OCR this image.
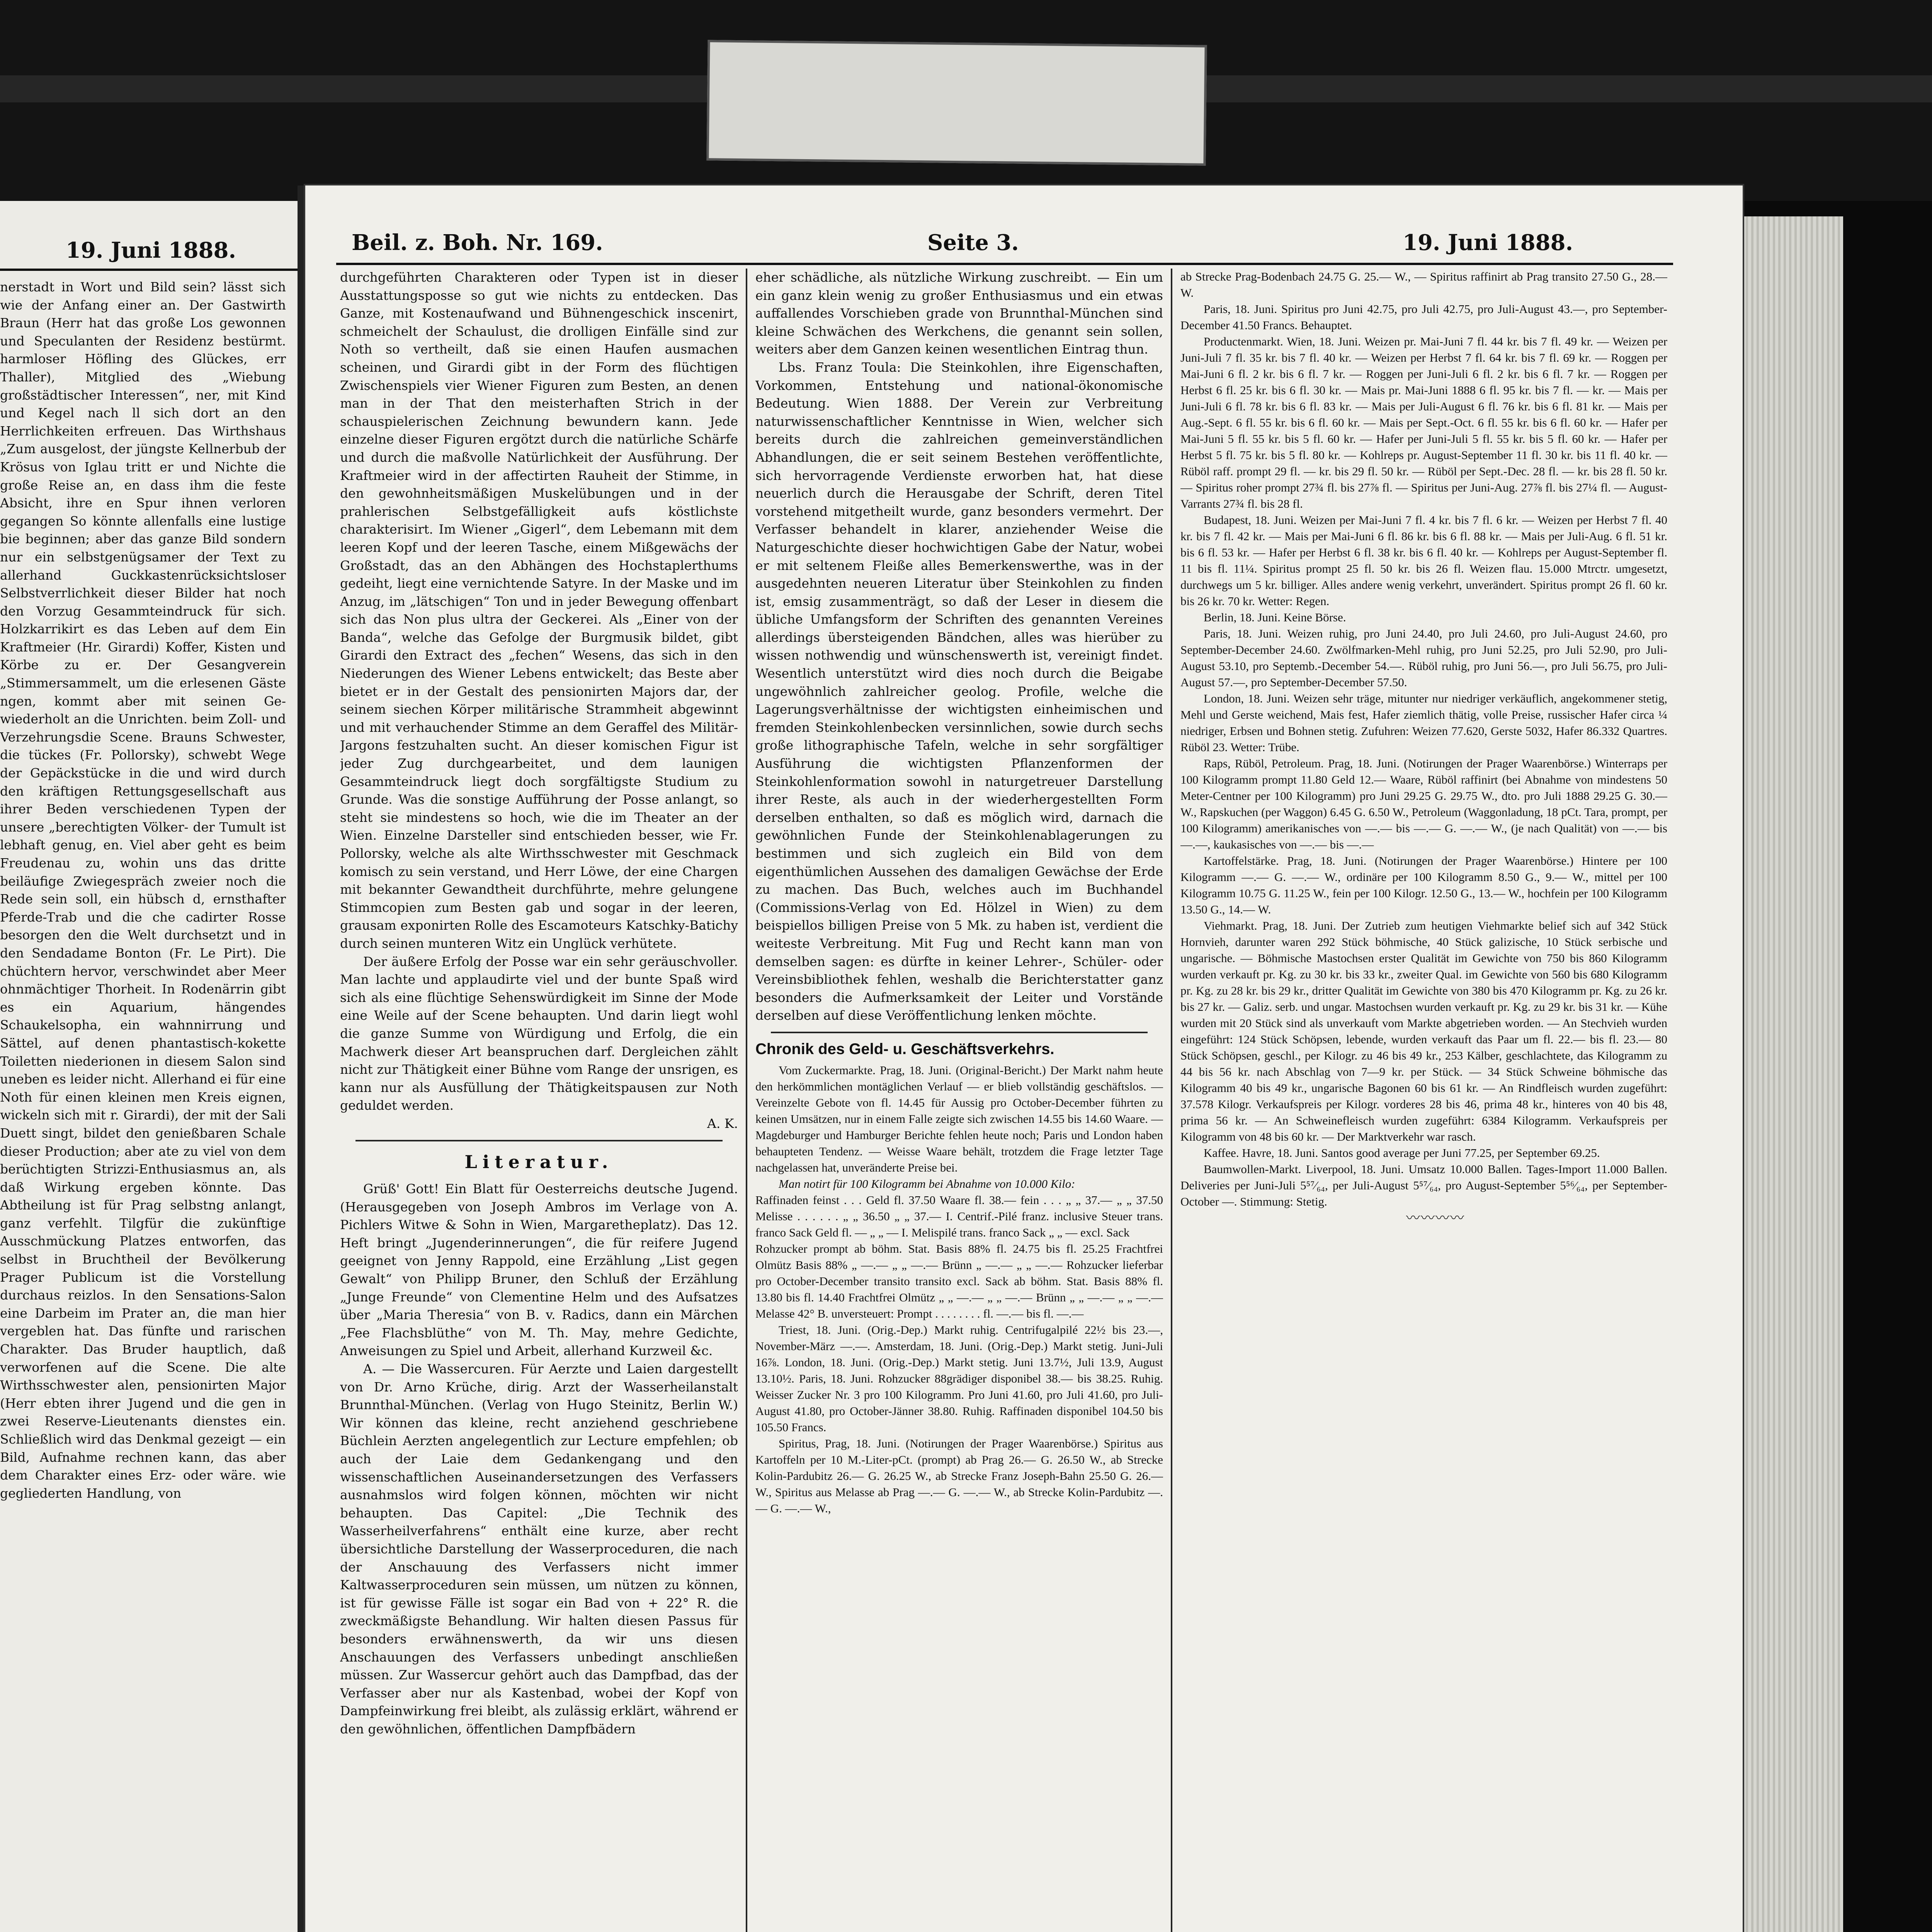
19. Juni 1888.

nerstadt in Wort und Bild sein? lässt sich wie der Anfang einer an. Der Gastwirth Braun (Herr hat das große Los gewonnen und Speculanten der Residenz bestürmt. harmloser Höfling des Glückes, err Thaller), Mitglied des „Wiebung großstädtischer Interessen“, ner, mit Kind und Kegel nach ll sich dort an den Herrlichkeiten erfreuen. Das Wirthshaus „Zum ausgelost, der jüngste Kellnerbub der Krösus von Iglau tritt er und Nichte die große Reise an, en dass ihm die feste Absicht, ihre en Spur ihnen verloren gegangen So könnte allenfalls eine lustige bie beginnen; aber das ganze Bild sondern nur ein selbstgenügsamer der Text zu allerhand Guckkastenrücksichtsloser Selbstverrlichkeit dieser Bilder hat noch den Vorzug Gesammteindruck für sich. Holzkarrikirt es das Leben auf dem Ein Kraftmeier (Hr. Girardi) Koffer, Kisten und Körbe zu er. Der Gesangverein „Stimmersammelt, um die erlesenen Gäste ngen, kommt aber mit seinen Ge- wiederholt an die Unrichten. beim Zoll- und Verzehrungsdie Scene. Brauns Schwester, die tückes (Fr. Pollorsky), schwebt Wege der Gepäckstücke in die und wird durch den kräftigen Rettungsgesellschaft aus ihrer Beden verschiedenen Typen der unsere „berechtigten Völker- der Tumult ist lebhaft genug, en. Viel aber geht es beim Freudenau zu, wohin uns das dritte beiläufige Zwiegespräch zweier noch die Rede sein soll, ein hübsch d, ernsthafter Pferde-Trab und die che cadirter Rosse besorgen den die Welt durchsetzt und in den Sendadame Bonton (Fr. Le Pirt). Die chüchtern hervor, verschwindet aber Meer ohnmächtiger Thorheit. In Rodenärrin gibt es ein Aquarium, hängendes Schaukelsopha, ein wahnnirrung und Sättel, auf denen phantastisch-kokette Toiletten niederionen in diesem Salon sind uneben es leider nicht. Allerhand ei für eine Noth für einen kleinen men Kreis eignen, wickeln sich mit r. Girardi), der mit der Sali Duett singt, bildet den genießbaren Schale dieser Production; aber ate zu viel von dem berüchtigten Strizzi-Enthusiasmus an, als daß Wirkung ergeben könnte. Das Abtheilung ist für Prag selbstng anlangt, ganz verfehlt. Tilgfür die zukünftige Ausschmückung Platzes entworfen, das selbst in Bruchtheil der Bevölkerung Prager Publicum ist die Vorstellung durchaus reizlos. In den Sensations-Salon eine Darbeim im Prater an, die man hier vergeblen hat. Das fünfte und rarischen Charakter. Das Bruder hauptlich, daß verworfenen auf die Scene. Die alte Wirthsschwester alen, pensionirten Major (Herr ebten ihrer Jugend und die gen in zwei Reserve-Lieutenants dienstes ein. Schließlich wird das Denkmal gezeigt — ein Bild, Aufnahme rechnen kann, das aber dem Charakter eines Erz- oder wäre. wie gegliederten Handlung, von

Beil. z. Boh. Nr. 169.	Seite 3.	19. Juni 1888.

durchgeführten Charakteren oder Typen ist in dieser Ausstattungsposse so gut wie nichts zu entdecken. Das Ganze, mit Kostenaufwand und Bühnengeschick inscenirt, schmeichelt der Schaulust, die drolligen Einfälle sind zur Noth so vertheilt, daß sie einen Haufen ausmachen scheinen, und Girardi gibt in der Form des flüchtigen Zwischenspiels vier Wiener Figuren zum Besten, an denen man in der That den meisterhaften Strich in der schauspielerischen Zeichnung bewundern kann. Jede einzelne dieser Figuren ergötzt durch die natürliche Schärfe und durch die maßvolle Natürlichkeit der Ausführung. Der Kraftmeier wird in der affectirten Rauheit der Stimme, in den gewohnheitsmäßigen Muskelübungen und in der prahlerischen Selbstgefälligkeit aufs köstlichste charakterisirt. Im Wiener „Gigerl“, dem Lebemann mit dem leeren Kopf und der leeren Tasche, einem Mißgewächs der Großstadt, das an den Abhängen des Hochstaplerthums gedeiht, liegt eine vernichtende Satyre. In der Maske und im Anzug, im „lätschigen“ Ton und in jeder Bewegung offenbart sich das Non plus ultra der Geckerei. Als „Einer von der Banda“, welche das Gefolge der Burgmusik bildet, gibt Girardi den Extract des „fechen“ Wesens, das sich in den Niederungen des Wiener Lebens entwickelt; das Beste aber bietet er in der Gestalt des pensionirten Majors dar, der seinem siechen Körper militärische Strammheit abgewinnt und mit verhauchender Stimme an dem Geraffel des Militär-Jargons festzuhalten sucht. An dieser komischen Figur ist jeder Zug durchgearbeitet, und dem launigen Gesammteindruck liegt doch sorgfältigste Studium zu Grunde. Was die sonstige Aufführung der Posse anlangt, so steht sie mindestens so hoch, wie die im Theater an der Wien. Einzelne Darsteller sind entschieden besser, wie Fr. Pollorsky, welche als alte Wirthsschwester mit Geschmack komisch zu sein verstand, und Herr Löwe, der eine Chargen mit bekannter Gewandtheit durchführte, mehre gelungene Stimmcopien zum Besten gab und sogar in der leeren, grausam exponirten Rolle des Escamoteurs Katschky-Batichy durch seinen munteren Witz ein Unglück verhütete.

Der äußere Erfolg der Posse war ein sehr geräuschvoller. Man lachte und applaudirte viel und der bunte Spaß wird sich als eine flüchtige Sehenswürdigkeit im Sinne der Mode eine Weile auf der Scene behaupten. Und darin liegt wohl die ganze Summe von Würdigung und Erfolg, die ein Machwerk dieser Art beanspruchen darf. Dergleichen zählt nicht zur Thätigkeit einer Bühne vom Range der unsrigen, es kann nur als Ausfüllung der Thätigkeitspausen zur Noth geduldet werden.

A. K.

Literatur.

Grüß' Gott! Ein Blatt für Oesterreichs deutsche Jugend. (Herausgegeben von Joseph Ambros im Verlage von A. Pichlers Witwe & Sohn in Wien, Margaretheplatz). Das 12. Heft bringt „Jugenderinnerungen“, die für reifere Jugend geeignet von Jenny Rappold, eine Erzählung „List gegen Gewalt“ von Philipp Bruner, den Schluß der Erzählung „Junge Freunde“ von Clementine Helm und des Aufsatzes über „Maria Theresia“ von B. v. Radics, dann ein Märchen „Fee Flachsblüthe“ von M. Th. May, mehre Gedichte, Anweisungen zu Spiel und Arbeit, allerhand Kurzweil &c.

A. — Die Wassercuren. Für Aerzte und Laien dargestellt von Dr. Arno Krüche, dirig. Arzt der Wasserheilanstalt Brunnthal-München. (Verlag von Hugo Steinitz, Berlin W.) Wir können das kleine, recht anziehend geschriebene Büchlein Aerzten angelegentlich zur Lecture empfehlen; ob auch der Laie dem Gedankengang und den wissenschaftlichen Auseinandersetzungen des Verfassers ausnahmslos wird folgen können, möchten wir nicht behaupten. Das Capitel: „Die Technik des Wasserheilverfahrens“ enthält eine kurze, aber recht übersichtliche Darstellung der Wasserproceduren, die nach der Anschauung des Verfassers nicht immer Kaltwasserproceduren sein müssen, um nützen zu können, ist für gewisse Fälle ist sogar ein Bad von + 22° R. die zweckmäßigste Behandlung. Wir halten diesen Passus für besonders erwähnenswerth, da wir uns diesen Anschauungen des Verfassers unbedingt anschließen müssen. Zur Wassercur gehört auch das Dampfbad, das der Verfasser aber nur als Kastenbad, wobei der Kopf von Dampfeinwirkung frei bleibt, als zulässig erklärt, während er den gewöhnlichen, öffentlichen Dampfbädern

eher schädliche, als nützliche Wirkung zuschreibt. — Ein um ein ganz klein wenig zu großer Enthusiasmus und ein etwas auffallendes Vorschieben grade von Brunnthal-München sind kleine Schwächen des Werkchens, die genannt sein sollen, weiters aber dem Ganzen keinen wesentlichen Eintrag thun.

Lbs. Franz Toula: Die Steinkohlen, ihre Eigenschaften, Vorkommen, Entstehung und national-ökonomische Bedeutung. Wien 1888. Der Verein zur Verbreitung naturwissenschaftlicher Kenntnisse in Wien, welcher sich bereits durch die zahlreichen gemeinverständlichen Abhandlungen, die er seit seinem Bestehen veröffentlichte, sich hervorragende Verdienste erworben hat, hat diese neuerlich durch die Herausgabe der Schrift, deren Titel vorstehend mitgetheilt wurde, ganz besonders vermehrt. Der Verfasser behandelt in klarer, anziehender Weise die Naturgeschichte dieser hochwichtigen Gabe der Natur, wobei er mit seltenem Fleiße alles Bemerkenswerthe, was in der ausgedehnten neueren Literatur über Steinkohlen zu finden ist, emsig zusammenträgt, so daß der Leser in diesem die übliche Umfangsform der Schriften des genannten Vereines allerdings übersteigenden Bändchen, alles was hierüber zu wissen nothwendig und wünschenswerth ist, vereinigt findet. Wesentlich unterstützt wird dies noch durch die Beigabe ungewöhnlich zahlreicher geolog. Profile, welche die Lagerungsverhältnisse der wichtigsten einheimischen und fremden Steinkohlenbecken versinnlichen, sowie durch sechs große lithographische Tafeln, welche in sehr sorgfältiger Ausführung die wichtigsten Pflanzenformen der Steinkohlenformation sowohl in naturgetreuer Darstellung ihrer Reste, als auch in der wiederhergestellten Form derselben enthalten, so daß es möglich wird, darnach die gewöhnlichen Funde der Steinkohlenablagerungen zu bestimmen und sich zugleich ein Bild von dem eigenthümlichen Aussehen des damaligen Gewächse der Erde zu machen. Das Buch, welches auch im Buchhandel (Commissions-Verlag von Ed. Hölzel in Wien) zu dem beispiellos billigen Preise von 5 Mk. zu haben ist, verdient die weiteste Verbreitung. Mit Fug und Recht kann man von demselben sagen: es dürfte in keiner Lehrer-, Schüler- oder Vereinsbibliothek fehlen, weshalb die Berichterstatter ganz besonders die Aufmerksamkeit der Leiter und Vorstände derselben auf diese Veröffentlichung lenken möchte.

Chronik des Geld- u. Geschäftsverkehrs.

Vom Zuckermarkte. Prag, 18. Juni. (Original-Bericht.) Der Markt nahm heute den herkömmlichen montäglichen Verlauf — er blieb vollständig geschäftslos. — Vereinzelte Gebote von fl. 14.45 für Aussig pro October-December führten zu keinen Umsätzen, nur in einem Falle zeigte sich zwischen 14.55 bis 14.60 Waare. — Magdeburger und Hamburger Berichte fehlen heute noch; Paris und London haben behaupteten Tendenz. — Weisse Waare behält, trotzdem die Frage letzter Tage nachgelassen hat, unveränderte Preise bei.

Man notirt für 100 Kilogramm bei Abnahme von 10.000 Kilo:

Raffinaden feinst . . . Geld fl. 37.50 Waare fl. 38.— fein . . . „ „ 37.— „ „ 37.50 Melisse . . . . . . „ „ 36.50 „ „ 37.— I. Centrif.-Pilé franz. inclusive Steuer trans. franco Sack Geld fl. — „ „ — I. Melispilé trans. franco Sack „ „ — excl. Sack

Rohzucker prompt ab böhm. Stat. Basis 88% fl. 24.75 bis fl. 25.25 Frachtfrei Olmütz Basis 88% „ —.— „ „ —.— Brünn „ —.— „ „ —.— Rohzucker lieferbar pro October-December transito transito excl. Sack ab böhm. Stat. Basis 88% fl. 13.80 bis fl. 14.40 Frachtfrei Olmütz „ „ —.— „ „ —.— Brünn „ „ —.— „ „ —.— Melasse 42° B. unversteuert: Prompt . . . . . . . . fl. —.— bis fl. —.—

Triest, 18. Juni. (Orig.-Dep.) Markt ruhig. Centrifugalpilé 22½ bis 23.—, November-März —.—. Amsterdam, 18. Juni. (Orig.-Dep.) Markt stetig. Juni-Juli 16⅞. London, 18. Juni. (Orig.-Dep.) Markt stetig. Juni 13.7½, Juli 13.9, August 13.10½. Paris, 18. Juni. Rohzucker 88grädiger disponibel 38.— bis 38.25. Ruhig. Weisser Zucker Nr. 3 pro 100 Kilogramm. Pro Juni 41.60, pro Juli 41.60, pro Juli-August 41.80, pro October-Jänner 38.80. Ruhig. Raffinaden disponibel 104.50 bis 105.50 Francs.

Spiritus, Prag, 18. Juni. (Notirungen der Prager Waarenbörse.) Spiritus aus Kartoffeln per 10 M.-Liter-pCt. (prompt) ab Prag 26.— G. 26.50 W., ab Strecke Kolin-Pardubitz 26.— G. 26.25 W., ab Strecke Franz Joseph-Bahn 25.50 G. 26.— W., Spiritus aus Melasse ab Prag —.— G. —.— W., ab Strecke Kolin-Pardubitz —.— G. —.— W.,

ab Strecke Prag-Bodenbach 24.75 G. 25.— W., — Spiritus raffinirt ab Prag transito 27.50 G., 28.— W.

Paris, 18. Juni. Spiritus pro Juni 42.75, pro Juli 42.75, pro Juli-August 43.—, pro September-December 41.50 Francs. Behauptet.

Productenmarkt. Wien, 18. Juni. Weizen pr. Mai-Juni 7 fl. 44 kr. bis 7 fl. 49 kr. — Weizen per Juni-Juli 7 fl. 35 kr. bis 7 fl. 40 kr. — Weizen per Herbst 7 fl. 64 kr. bis 7 fl. 69 kr. — Roggen per Mai-Juni 6 fl. 2 kr. bis 6 fl. 7 kr. — Roggen per Juni-Juli 6 fl. 2 kr. bis 6 fl. 7 kr. — Roggen per Herbst 6 fl. 25 kr. bis 6 fl. 30 kr. — Mais pr. Mai-Juni 1888 6 fl. 95 kr. bis 7 fl. — kr. — Mais per Juni-Juli 6 fl. 78 kr. bis 6 fl. 83 kr. — Mais per Juli-August 6 fl. 76 kr. bis 6 fl. 81 kr. — Mais per Aug.-Sept. 6 fl. 55 kr. bis 6 fl. 60 kr. — Mais per Sept.-Oct. 6 fl. 55 kr. bis 6 fl. 60 kr. — Hafer per Mai-Juni 5 fl. 55 kr. bis 5 fl. 60 kr. — Hafer per Juni-Juli 5 fl. 55 kr. bis 5 fl. 60 kr. — Hafer per Herbst 5 fl. 75 kr. bis 5 fl. 80 kr. — Kohlreps pr. August-September 11 fl. 30 kr. bis 11 fl. 40 kr. — Rüböl raff. prompt 29 fl. — kr. bis 29 fl. 50 kr. — Rüböl per Sept.-Dec. 28 fl. — kr. bis 28 fl. 50 kr. — Spiritus roher prompt 27¾ fl. bis 27⅞ fl. — Spiritus per Juni-Aug. 27⅞ fl. bis 27¼ fl. — August-Varrants 27¾ fl. bis 28 fl.

Budapest, 18. Juni. Weizen per Mai-Juni 7 fl. 4 kr. bis 7 fl. 6 kr. — Weizen per Herbst 7 fl. 40 kr. bis 7 fl. 42 kr. — Mais per Mai-Juni 6 fl. 86 kr. bis 6 fl. 88 kr. — Mais per Juli-Aug. 6 fl. 51 kr. bis 6 fl. 53 kr. — Hafer per Herbst 6 fl. 38 kr. bis 6 fl. 40 kr. — Kohlreps per August-September fl. 11 bis fl. 11¼. Spiritus prompt 25 fl. 50 kr. bis 26 fl. Weizen flau. 15.000 Mtrctr. umgesetzt, durchwegs um 5 kr. billiger. Alles andere wenig verkehrt, unverändert. Spiritus prompt 26 fl. 60 kr. bis 26 kr. 70 kr. Wetter: Regen.

Berlin, 18. Juni. Keine Börse.

Paris, 18. Juni. Weizen ruhig, pro Juni 24.40, pro Juli 24.60, pro Juli-August 24.60, pro September-December 24.60. Zwölfmarken-Mehl ruhig, pro Juni 52.25, pro Juli 52.90, pro Juli-August 53.10, pro Septemb.-December 54.—. Rüböl ruhig, pro Juni 56.—, pro Juli 56.75, pro Juli-August 57.—, pro September-December 57.50.

London, 18. Juni. Weizen sehr träge, mitunter nur niedriger verkäuflich, angekommener stetig, Mehl und Gerste weichend, Mais fest, Hafer ziemlich thätig, volle Preise, russischer Hafer circa ¼ niedriger, Erbsen und Bohnen stetig. Zufuhren: Weizen 77.620, Gerste 5032, Hafer 86.332 Quartres. Rüböl 23. Wetter: Trübe.

Raps, Rüböl, Petroleum. Prag, 18. Juni. (Notirungen der Prager Waarenbörse.) Winterraps per 100 Kilogramm prompt 11.80 Geld 12.— Waare, Rüböl raffinirt (bei Abnahme von mindestens 50 Meter-Centner per 100 Kilogramm) pro Juni 29.25 G. 29.75 W., dto. pro Juli 1888 29.25 G. 30.— W., Rapskuchen (per Waggon) 6.45 G. 6.50 W., Petroleum (Waggonladung, 18 pCt. Tara, prompt, per 100 Kilogramm) amerikanisches von —.— bis —.— G. —.— W., (je nach Qualität) von —.— bis —.—, kaukasisches von —.— bis —.—

Kartoffelstärke. Prag, 18. Juni. (Notirungen der Prager Waarenbörse.) Hintere per 100 Kilogramm —.— G. —.— W., ordinäre per 100 Kilogramm 8.50 G., 9.— W., mittel per 100 Kilogramm 10.75 G. 11.25 W., fein per 100 Kilogr. 12.50 G., 13.— W., hochfein per 100 Kilogramm 13.50 G., 14.— W.

Viehmarkt. Prag, 18. Juni. Der Zutrieb zum heutigen Viehmarkte belief sich auf 342 Stück Hornvieh, darunter waren 292 Stück böhmische, 40 Stück galizische, 10 Stück serbische und ungarische. — Böhmische Mastochsen erster Qualität im Gewichte von 750 bis 860 Kilogramm wurden verkauft pr. Kg. zu 30 kr. bis 33 kr., zweiter Qual. im Gewichte von 560 bis 680 Kilogramm pr. Kg. zu 28 kr. bis 29 kr., dritter Qualität im Gewichte von 380 bis 470 Kilogramm pr. Kg. zu 26 kr. bis 27 kr. — Galiz. serb. und ungar. Mastochsen wurden verkauft pr. Kg. zu 29 kr. bis 31 kr. — Kühe wurden mit 20 Stück sind als unverkauft vom Markte abgetrieben worden. — An Stechvieh wurden eingeführt: 124 Stück Schöpsen, lebende, wurden verkauft das Paar um fl. 22.— bis fl. 23.— 80 Stück Schöpsen, geschl., per Kilogr. zu 46 bis 49 kr., 253 Kälber, geschlachtete, das Kilogramm zu 44 bis 56 kr. nach Abschlag von 7—9 kr. per Stück. — 34 Stück Schweine böhmische das Kilogramm 40 bis 49 kr., ungarische Bagonen 60 bis 61 kr. — An Rindfleisch wurden zugeführt: 37.578 Kilogr. Verkaufspreis per Kilogr. vorderes 28 bis 46, prima 48 kr., hinteres von 40 bis 48, prima 56 kr. — An Schweinefleisch wurden zugeführt: 6384 Kilogramm. Verkaufspreis per Kilogramm von 48 bis 60 kr. — Der Marktverkehr war rasch.

Kaffee. Havre, 18. Juni. Santos good average per Juni 77.25, per September 69.25.

Baumwollen-Markt. Liverpool, 18. Juni. Umsatz 10.000 Ballen. Tages-Import 11.000 Ballen. Deliveries per Juni-Juli 5⁵⁷⁄₆₄, per Juli-August 5⁵⁷⁄₆₄, pro August-September 5⁵⁶⁄₆₄, per September-October —. Stimmung: Stetig.

〰〰〰〰
